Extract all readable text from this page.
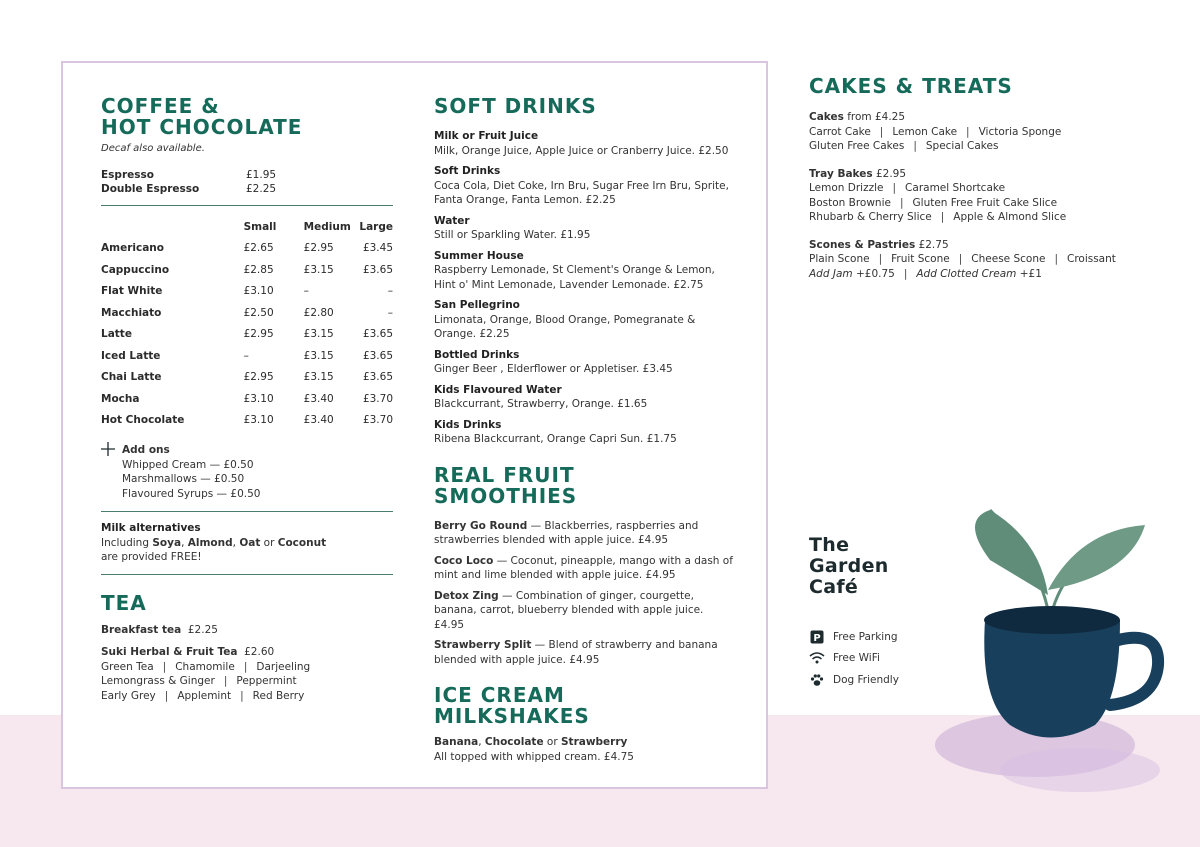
COFFEE &
HOT CHOCOLATE
Decaf also available.
Espresso	£1.95
Double Espresso	£2.25
	Small	Medium	Large
Americano	£2.65	£2.95	£3.45
Cappuccino	£2.85	£3.15	£3.65
Flat White	£3.10	–	–
Macchiato	£2.50	£2.80	–
Latte	£2.95	£3.15	£3.65
Iced Latte	–	£3.15	£3.65
Chai Latte	£2.95	£3.15	£3.65
Mocha	£3.10	£3.40	£3.70
Hot Chocolate	£3.10	£3.40	£3.70
Add ons
Whipped Cream — £0.50
Marshmallows — £0.50
Flavoured Syrups — £0.50
Milk alternatives
Including Soya, Almond, Oat or Coconut
are provided FREE!
TEA
Breakfast tea £2.25
Suki Herbal & Fruit Tea £2.60
Green Tea | Chamomile | Darjeeling
Lemongrass & Ginger | Peppermint
Early Grey | Applemint | Red Berry
SOFT DRINKS
Milk or Fruit Juice
Milk, Orange Juice, Apple Juice or Cranberry Juice. £2.50
Soft Drinks
Coca Cola, Diet Coke, Irn Bru, Sugar Free Irn Bru, Sprite, Fanta Orange, Fanta Lemon. £2.25
Water
Still or Sparkling Water. £1.95
Summer House
Raspberry Lemonade, St Clement's Orange & Lemon, Hint o' Mint Lemonade, Lavender Lemonade. £2.75
San Pellegrino
Limonata, Orange, Blood Orange, Pomegranate & Orange. £2.25
Bottled Drinks
Ginger Beer , Elderflower or Appletiser. £3.45
Kids Flavoured Water
Blackcurrant, Strawberry, Orange. £1.65
Kids Drinks
Ribena Blackcurrant, Orange Capri Sun. £1.75
REAL FRUIT
SMOOTHIES
Berry Go Round — Blackberries, raspberries and strawberries blended with apple juice. £4.95
Coco Loco — Coconut, pineapple, mango with a dash of mint and lime blended with apple juice. £4.95
Detox Zing — Combination of ginger, courgette, banana, carrot, blueberry blended with apple juice. £4.95
Strawberry Split — Blend of strawberry and banana blended with apple juice. £4.95
ICE CREAM
MILKSHAKES
Banana, Chocolate or Strawberry
All topped with whipped cream. £4.75
CAKES & TREATS
Cakes from £4.25
Carrot Cake | Lemon Cake | Victoria Sponge
Gluten Free Cakes | Special Cakes
Tray Bakes £2.95
Lemon Drizzle | Caramel Shortcake
Boston Brownie | Gluten Free Fruit Cake Slice
Rhubarb & Cherry Slice | Apple & Almond Slice
Scones & Pastries £2.75
Plain Scone | Fruit Scone | Cheese Scone | Croissant
Add Jam +£0.75 | Add Clotted Cream +£1
The
Garden
Café
P Free Parking
Free WiFi
Dog Friendly
